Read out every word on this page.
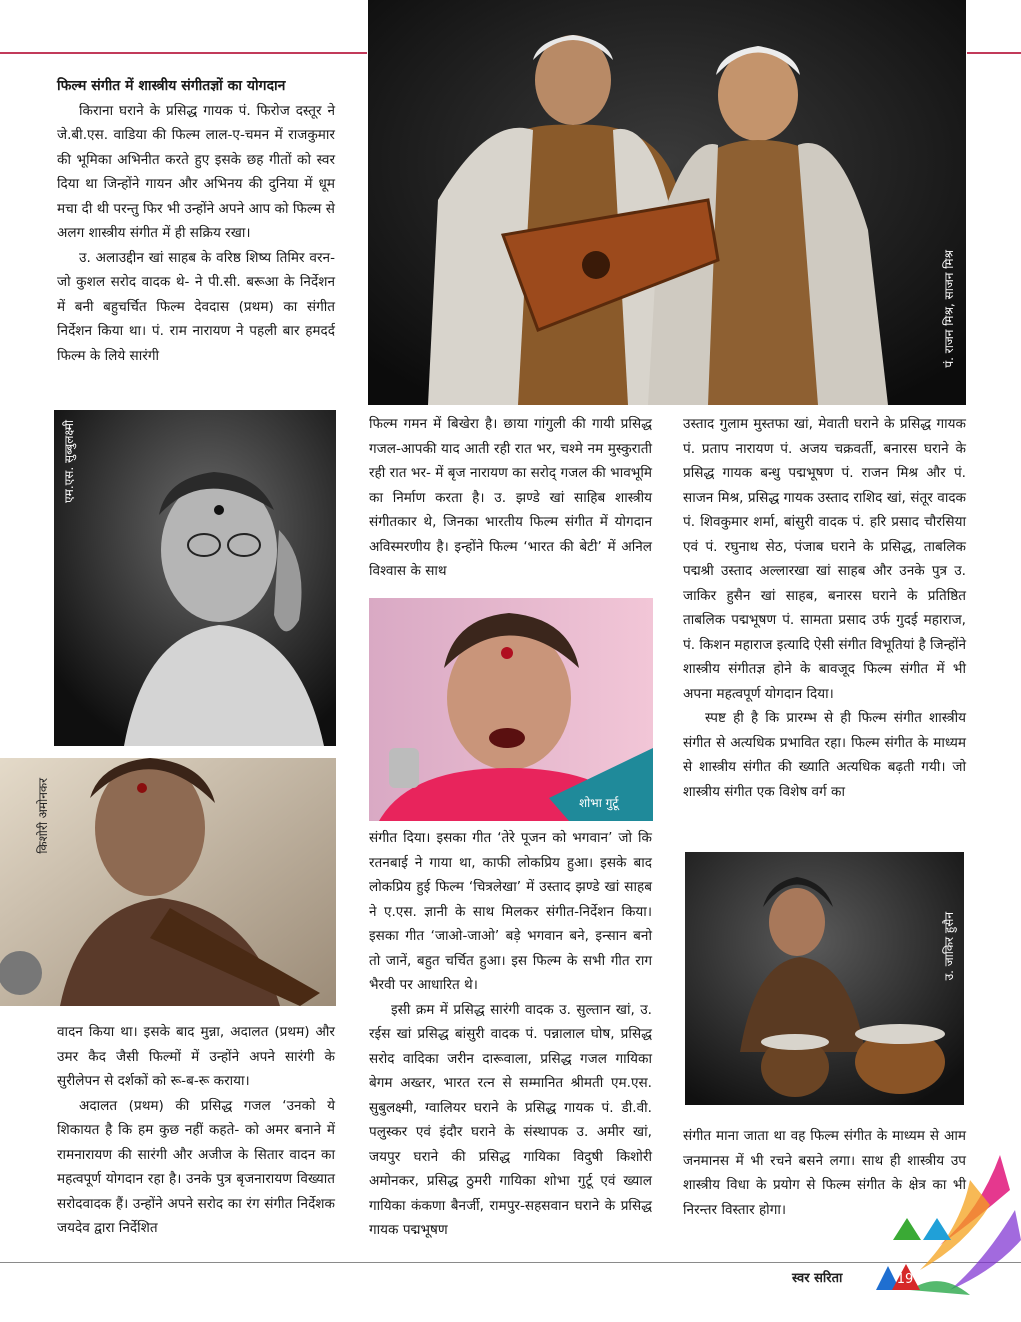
पं. राजन मिश्र, साजन मिश्र

फिल्म संगीत में शास्त्रीय संगीतज्ञों का योगदान

किराना घराने के प्रसिद्ध गायक पं. फिरोज दस्तूर ने जे.बी.एस. वाडिया की फिल्म लाल-ए-चमन में राजकुमार की भूमिका अभिनीत करते हुए इसके छह गीतों को स्वर दिया था जिन्होंने गायन और अभिनय की दुनिया में धूम मचा दी थी परन्तु फिर भी उन्होंने अपने आप को फिल्म से अलग शास्त्रीय संगीत में ही सक्रिय रखा।

उ. अलाउद्दीन खां साहब के वरिष्ठ शिष्य तिमिर वरन-जो कुशल सरोद वादक थे- ने पी.सी. बरूआ के निर्देशन में बनी बहुचर्चित फिल्म देवदास (प्रथम) का संगीत निर्देशन किया था। पं. राम नारायण ने पहली बार हमदर्द फिल्म के लिये सारंगी

एम.एस. सुब्बुलक्ष्मी
किशोरी अमोनकर

वादन किया था। इसके बाद मुन्ना, अदालत (प्रथम) और उमर कैद जैसी फिल्मों में उन्होंने अपने सारंगी के सुरीलेपन से दर्शकों को रू-ब-रू कराया।

अदालत (प्रथम) की प्रसिद्ध गजल ‘उनको ये शिकायत है कि हम कुछ नहीं कहते- को अमर बनाने में रामनारायण की सारंगी और अजीज के सितार वादन का महत्वपूर्ण योगदान रहा है। उनके पुत्र बृजनारायण विख्यात सरोदवादक हैं। उन्होंने अपने सरोद का रंग संगीत निर्देशक जयदेव द्वारा निर्देशित

फिल्म गमन में बिखेरा है। छाया गांगुली की गायी प्रसिद्ध गजल-आपकी याद आती रही रात भर, चश्मे नम मुस्कुराती रही रात भर- में बृज नारायण का सरोद् गजल की भावभूमि का निर्माण करता है। उ. झण्डे खां साहिब शास्त्रीय संगीतकार थे, जिनका भारतीय फिल्म संगीत में योगदान अविस्मरणीय है। इन्होंने फिल्म ‘भारत की बेटी’ में अनिल विश्वास के साथ

शोभा गुर्टू

संगीत दिया। इसका गीत ‘तेरे पूजन को भगवान’ जो कि रतनबाई ने गाया था, काफी लोकप्रिय हुआ। इसके बाद लोकप्रिय हुई फिल्म ‘चित्रलेखा’ में उस्ताद झण्डे खां साहब ने ए.एस. ज्ञानी के साथ मिलकर संगीत-निर्देशन किया। इसका गीत ‘जाओ-जाओ’ बड़े भगवान बने, इन्सान बनो तो जानें, बहुत चर्चित हुआ। इस फिल्म के सभी गीत राग भैरवी पर आधारित थे।

इसी क्रम में प्रसिद्ध सारंगी वादक उ. सुल्तान खां, उ. रईस खां प्रसिद्ध बांसुरी वादक पं. पन्नालाल घोष, प्रसिद्ध सरोद वादिका जरीन दारूवाला, प्रसिद्ध गजल गायिका बेगम अख्तर, भारत रत्न से सम्मानित श्रीमती एम.एस. सुबुलक्ष्मी, ग्वालियर घराने के प्रसिद्ध गायक पं. डी.वी. पलुस्कर एवं इंदौर घराने के संस्थापक उ. अमीर खां, जयपुर घराने की प्रसिद्ध गायिका विदुषी किशोरी अमोनकर, प्रसिद्ध ठुमरी गायिका शोभा गुर्टू एवं ख्याल गायिका कंकणा बैनर्जी, रामपुर-सहसवान घराने के प्रसिद्ध गायक पद्मभूषण

उस्ताद गुलाम मुस्तफा खां, मेवाती घराने के प्रसिद्ध गायक पं. प्रताप नारायण पं. अजय चक्रवर्ती, बनारस घराने के प्रसिद्ध गायक बन्धु पद्मभूषण पं. राजन मिश्र और पं. साजन मिश्र, प्रसिद्ध गायक उस्ताद राशिद खां, संतूर वादक पं. शिवकुमार शर्मा, बांसुरी वादक पं. हरि प्रसाद चौरसिया एवं पं. रघुनाथ सेठ, पंजाब घराने के प्रसिद्ध, ताबलिक पद्मश्री उस्ताद अल्लारखा खां साहब और उनके पुत्र उ. जाकिर हुसैन खां साहब, बनारस घराने के प्रतिष्ठित ताबलिक पद्मभूषण पं. सामता प्रसाद उर्फ गुदई महाराज, पं. किशन महाराज इत्यादि ऐसी संगीत विभूतियां है जिन्होंने शास्त्रीय संगीतज्ञ होने के बावजूद फिल्म संगीत में भी अपना महत्वपूर्ण योगदान दिया।

स्पष्ट ही है कि प्रारम्भ से ही फिल्म संगीत शास्त्रीय संगीत से अत्यधिक प्रभावित रहा। फिल्म संगीत के माध्यम से शास्त्रीय संगीत की ख्याति अत्यधिक बढ़ती गयी। जो शास्त्रीय संगीत एक विशेष वर्ग का

उ. जाकिर हुसैन

संगीत माना जाता था वह फिल्म संगीत के माध्यम से आम जनमानस में भी रचने बसने लगा। साथ ही शास्त्रीय उप शास्त्रीय विधा के प्रयोग से फिल्म संगीत के क्षेत्र का भी निरन्तर विस्तार होगा।

स्वर सरिता	19
